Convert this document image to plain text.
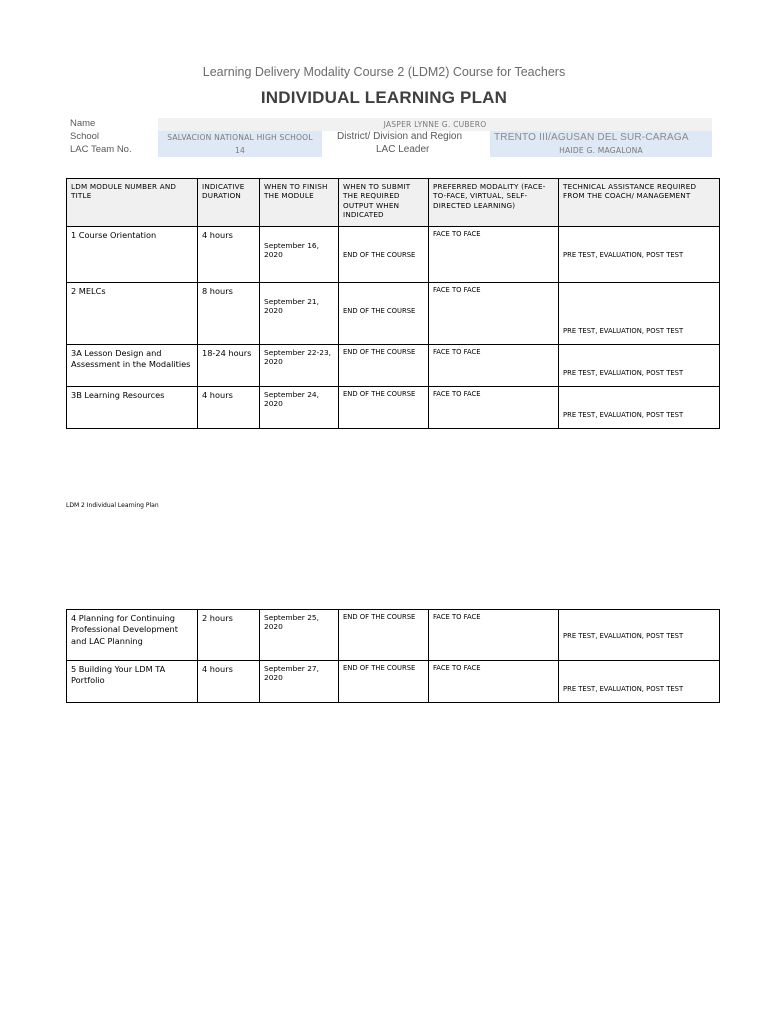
Learning Delivery Modality Course 2 (LDM2) Course for Teachers
INDIVIDUAL LEARNING PLAN
Name	JASPER LYNNE G. CUBERO
School	SALVACION NATIONAL HIGH SCHOOL	District/ Division and Region	TRENTO III/AGUSAN DEL SUR-CARAGA
LAC Team No.	14	LAC Leader	HAIDE G. MAGALONA
LDM MODULE NUMBER AND TITLE	INDICATIVE DURATION	WHEN TO FINISH THE MODULE	WHEN TO SUBMIT THE REQUIRED OUTPUT WHEN INDICATED	PREFERRED MODALITY (FACE-TO-FACE, VIRTUAL, SELF-DIRECTED LEARNING)	TECHNICAL ASSISTANCE REQUIRED FROM THE COACH/ MANAGEMENT
1 Course Orientation	4 hours	September 16, 2020	END OF THE COURSE	FACE TO FACE	PRE TEST, EVALUATION, POST TEST
2 MELCs	8 hours	September 21, 2020	END OF THE COURSE	FACE TO FACE	PRE TEST, EVALUATION, POST TEST
3A Lesson Design and Assessment in the Modalities	18-24 hours	September 22-23, 2020	END OF THE COURSE	FACE TO FACE	PRE TEST, EVALUATION, POST TEST
3B Learning Resources	4 hours	September 24, 2020	END OF THE COURSE	FACE TO FACE	PRE TEST, EVALUATION, POST TEST
LDM 2 Individual Learning Plan
4 Planning for Continuing Professional Development and LAC Planning	2 hours	September 25, 2020	END OF THE COURSE	FACE TO FACE	PRE TEST, EVALUATION, POST TEST
5 Building Your LDM TA Portfolio	4 hours	September 27, 2020	END OF THE COURSE	FACE TO FACE	PRE TEST, EVALUATION, POST TEST
